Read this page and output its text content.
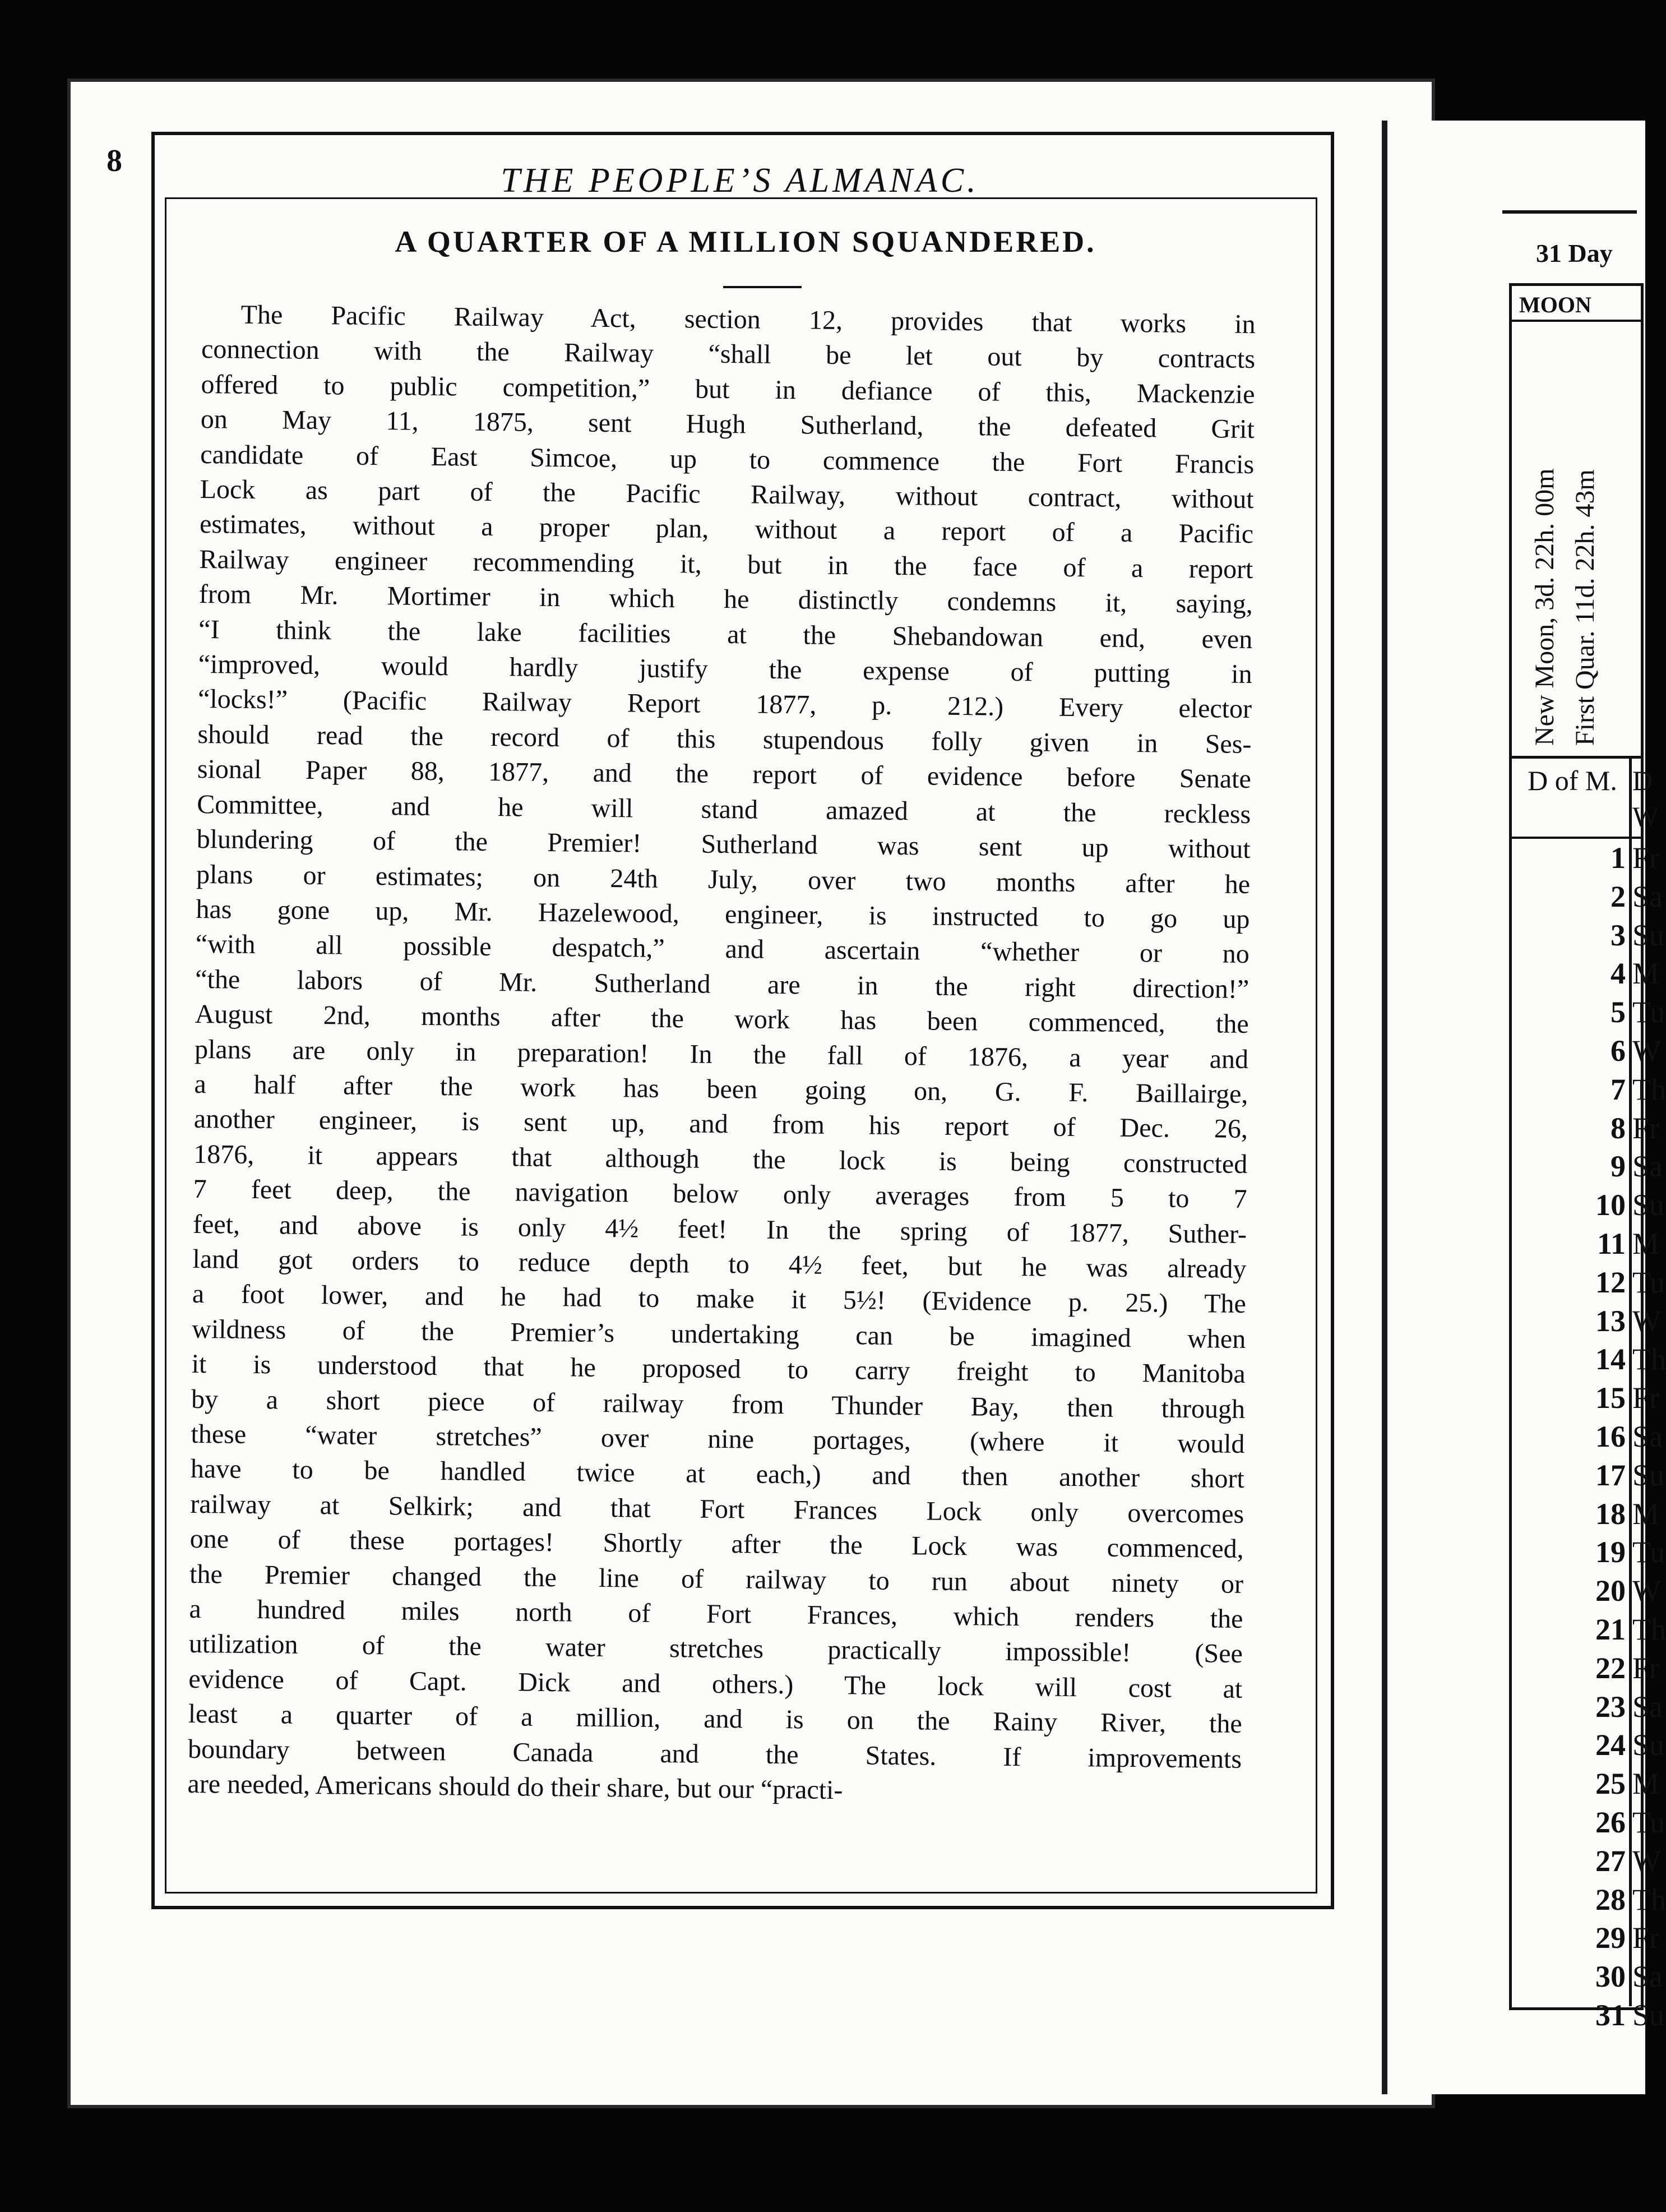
8
THE PEOPLE’S ALMANAC.
A QUARTER OF A MILLION SQUANDERED.
The Pacific Railway Act, section 12, provides that works in
connection with the Railway “shall be let out by contracts
offered to public competition,” but in defiance of this, Mackenzie
on May 11, 1875, sent Hugh Sutherland, the defeated Grit
candidate of East Simcoe, up to commence the Fort Francis
Lock as part of the Pacific Railway, without contract, without
estimates, without a proper plan, without a report of a Pacific
Railway engineer recommending it, but in the face of a report
from Mr. Mortimer in which he distinctly condemns it, saying,
“I think the lake facilities at the Shebandowan end, even
“improved, would hardly justify the expense of putting in
“locks!” (Pacific Railway Report 1877, p. 212.) Every elector
should read the record of this stupendous folly given in Ses-
sional Paper 88, 1877, and the report of evidence before Senate
Committee, and he will stand amazed at the reckless
blundering of the Premier! Sutherland was sent up without
plans or estimates; on 24th July, over two months after he
has gone up, Mr. Hazelewood, engineer, is instructed to go up
“with all possible despatch,” and ascertain “whether or no
“the labors of Mr. Sutherland are in the right direction!”
August 2nd, months after the work has been commenced, the
plans are only in preparation! In the fall of 1876, a year and
a half after the work has been going on, G. F. Baillairge,
another engineer, is sent up, and from his report of Dec. 26,
1876, it appears that although the lock is being constructed
7 feet deep, the navigation below only averages from 5 to 7
feet, and above is only 4½ feet! In the spring of 1877, Suther-
land got orders to reduce depth to 4½ feet, but he was already
a foot lower, and he had to make it 5½! (Evidence p. 25.) The
wildness of the Premier’s undertaking can be imagined when
it is understood that he proposed to carry freight to Manitoba
by a short piece of railway from Thunder Bay, then through
these “water stretches” over nine portages, (where it would
have to be handled twice at each,) and then another short
railway at Selkirk; and that Fort Frances Lock only overcomes
one of these portages! Shortly after the Lock was commenced,
the Premier changed the line of railway to run about ninety or
a hundred miles north of Fort Frances, which renders the
utilization of the water stretches practically impossible! (See
evidence of Capt. Dick and others.) The lock will cost at
least a quarter of a million, and is on the Rainy River, the
boundary between Canada and the States. If improvements
are needed, Americans should do their share, but our “practi-
31 Day
MOON
New Moon, 3d. 22h. 00m First Quar. 11d. 22h. 43m
D of M. D W
1 Fr
2 Sa
3 Su
4 M
5 Tu
6 W
7 Th
8 Fr
9 Sa
10 Su
11 M
12 Tu
13 W
14 Th
15 Fr
16 Sa
17 Su
18 M
19 Tu
20 W
21 Th
22 Fr
23 Sa
24 Su
25 M
26 Tu
27 W
28 Th
29 Fr
30 Sa
31 Su
